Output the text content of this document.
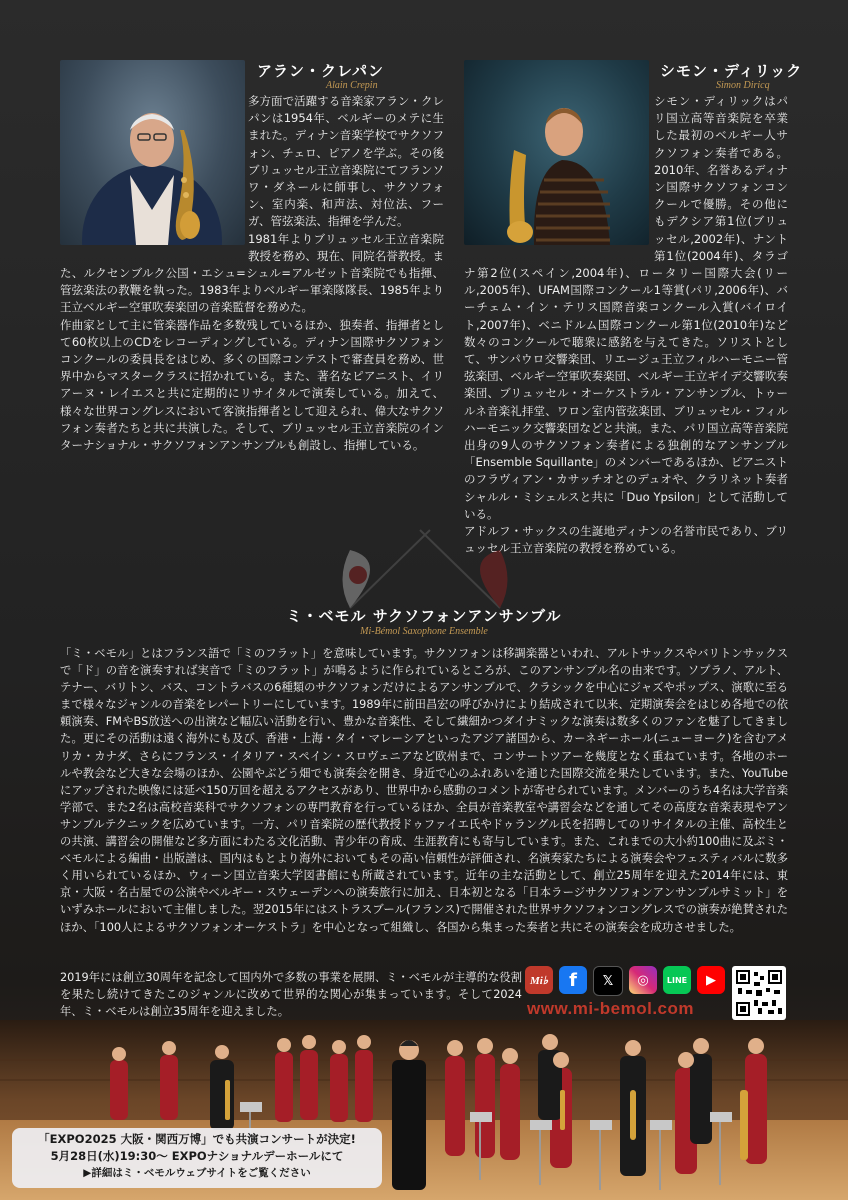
アラン・クレパン
Alain Crepin

多方面で活躍する音楽家アラン・クレパンは1954年、ベルギーのメテに生まれた。ディナン音楽学校でサクソフォン、チェロ、ピアノを学ぶ。その後ブリュッセル王立音楽院にてフランソワ・ダネールに師事し、サクソフォン、室内楽、和声法、対位法、フーガ、管弦楽法、指揮を学んだ。

1981年よりブリュッセル王立音楽院教授を務め、現在、同院名誉教授。また、ルクセンブルク公国・エシュ=シュル=アルゼット音楽院でも指揮、管弦楽法の教鞭を執った。1983年よりベルギー軍楽隊隊長、1985年より王立ベルギー空軍吹奏楽団の音楽監督を務めた。

作曲家として主に管楽器作品を多数残しているほか、独奏者、指揮者として60枚以上のCDをレコーディングしている。ディナン国際サクソフォンコンクールの委員長をはじめ、多くの国際コンテストで審査員を務め、世界中からマスタークラスに招かれている。また、著名なピアニスト、イリアーヌ・レイエスと共に定期的にリサイタルで演奏している。加えて、様々な世界コングレスにおいて客演指揮者として迎えられ、偉大なサクソフォン奏者たちと共に共演した。そして、ブリュッセル王立音楽院のインターナショナル・サクソフォンアンサンブルも創設し、指揮している。

シモン・ディリック
Simon Diricq

シモン・ディリックはパリ国立高等音楽院を卒業した最初のベルギー人サクソフォン奏者である。2010年、名誉あるディナン国際サクソフォンコンクールで優勝。その他にもデクシア第1位(ブリュッセル,2002年)、ナント第1位(2004年)、タラゴナ第2位(スペイン,2004年)、ロータリー国際大会(リール,2005年)、UFAM国際コンクール1等賞(パリ,2006年)、バーチェム・イン・テリス国際音楽コンクール入賞(バイロイト,2007年)、ベニドルム国際コンクール第1位(2010年)など数々のコンクールで聴衆に感銘を与えてきた。ソリストとして、サンパウロ交響楽団、リエージュ王立フィルハーモニー管弦楽団、ベルギー空軍吹奏楽団、ベルギー王立ギイデ交響吹奏楽団、ブリュッセル・オーケストラル・アンサンブル、トゥールネ音楽礼拝堂、ワロン室内管弦楽団、ブリュッセル・フィルハーモニック交響楽団などと共演。また、パリ国立高等音楽院出身の9人のサクソフォン奏者による独創的なアンサンブル「Ensemble Squillante」のメンバーであるほか、ピアニストのフラヴィアン・カサッチオとのデュオや、クラリネット奏者シャルル・ミシェルスと共に「Duo Ypsilon」として活動している。

アドルフ・サックスの生誕地ディナンの名誉市民であり、ブリュッセル王立音楽院の教授を務めている。

ミ・ベモル サクソフォンアンサンブル
Mi-Bémol Saxophone Ensemble

「ミ・ベモル」とはフランス語で「ミのフラット」を意味しています。サクソフォンは移調楽器といわれ、アルトサックスやバリトンサックスで「ド」の音を演奏すれば実音で「ミのフラット」が鳴るように作られているところが、このアンサンブル名の由来です。ソプラノ、アルト、テナー、バリトン、バス、コントラバスの6種類のサクソフォンだけによるアンサンブルで、クラシックを中心にジャズやポップス、演歌に至るまで様々なジャンルの音楽をレパートリーにしています。1989年に前田昌宏の呼びかけにより結成されて以来、定期演奏会をはじめ各地での依頼演奏、FMやBS放送への出演など幅広い活動を行い、豊かな音楽性、そして繊細かつダイナミックな演奏は数多くのファンを魅了してきました。更にその活動は遠く海外にも及び、香港・上海・タイ・マレーシアといったアジア諸国から、カーネギーホール(ニューヨーク)を含むアメリカ・カナダ、さらにフランス・イタリア・スペイン・スロヴェニアなど欧州まで、コンサートツアーを幾度となく重ねています。各地のホールや教会など大きな会場のほか、公園やぶどう畑でも演奏会を開き、身近で心のふれあいを通じた国際交流を果たしています。また、YouTubeにアップされた映像には延べ150万回を超えるアクセスがあり、世界中から感動のコメントが寄せられています。メンバーのうち4名は大学音楽学部で、また2名は高校音楽科でサクソフォンの専門教育を行っているほか、全員が音楽教室や講習会などを通してその高度な音楽表現やアンサンブルテクニックを広めています。一方、パリ音楽院の歴代教授ドゥファイエ氏やドゥラングル氏を招聘してのリサイタルの主催、高校生との共演、講習会の開催など多方面にわたる文化活動、青少年の育成、生涯教育にも寄与しています。また、これまでの大小約100曲に及ぶミ・ベモルによる編曲・出版譜は、国内はもとより海外においてもその高い信頼性が評価され、名演奏家たちによる演奏会やフェスティバルに数多く用いられているほか、ウィーン国立音楽大学図書館にも所蔵されています。近年の主な活動として、創立25周年を迎えた2014年には、東京・大阪・名古屋での公演やベルギー・スウェーデンへの演奏旅行に加え、日本初となる「日本ラージサクソフォンアンサンブルサミット」をいずみホールにおいて主催しました。翌2015年にはストラスブール(フランス)で開催された世界サクソフォンコングレスでの演奏が絶賛されたほか、「100人によるサクソフォンオーケストラ」を中心となって組織し、各国から集まった奏者と共にその演奏会を成功させました。

2019年には創立30周年を記念して国内外で多数の事業を展開、ミ・ベモルが主導的な役割を果たし続けてきたこのジャンルに改めて世界的な関心が集まっています。そして2024年、ミ・ベモルは創立35周年を迎えました。

Mi♭	f	𝕏	◎	LINE	▶
www.mi-bemol.com
「EXPO2025 大阪・関西万博」でも共演コンサートが決定!
5月28日(水)19:30〜 EXPOナショナルデーホールにて
▶詳細はミ・ベモルウェブサイトをご覧ください
